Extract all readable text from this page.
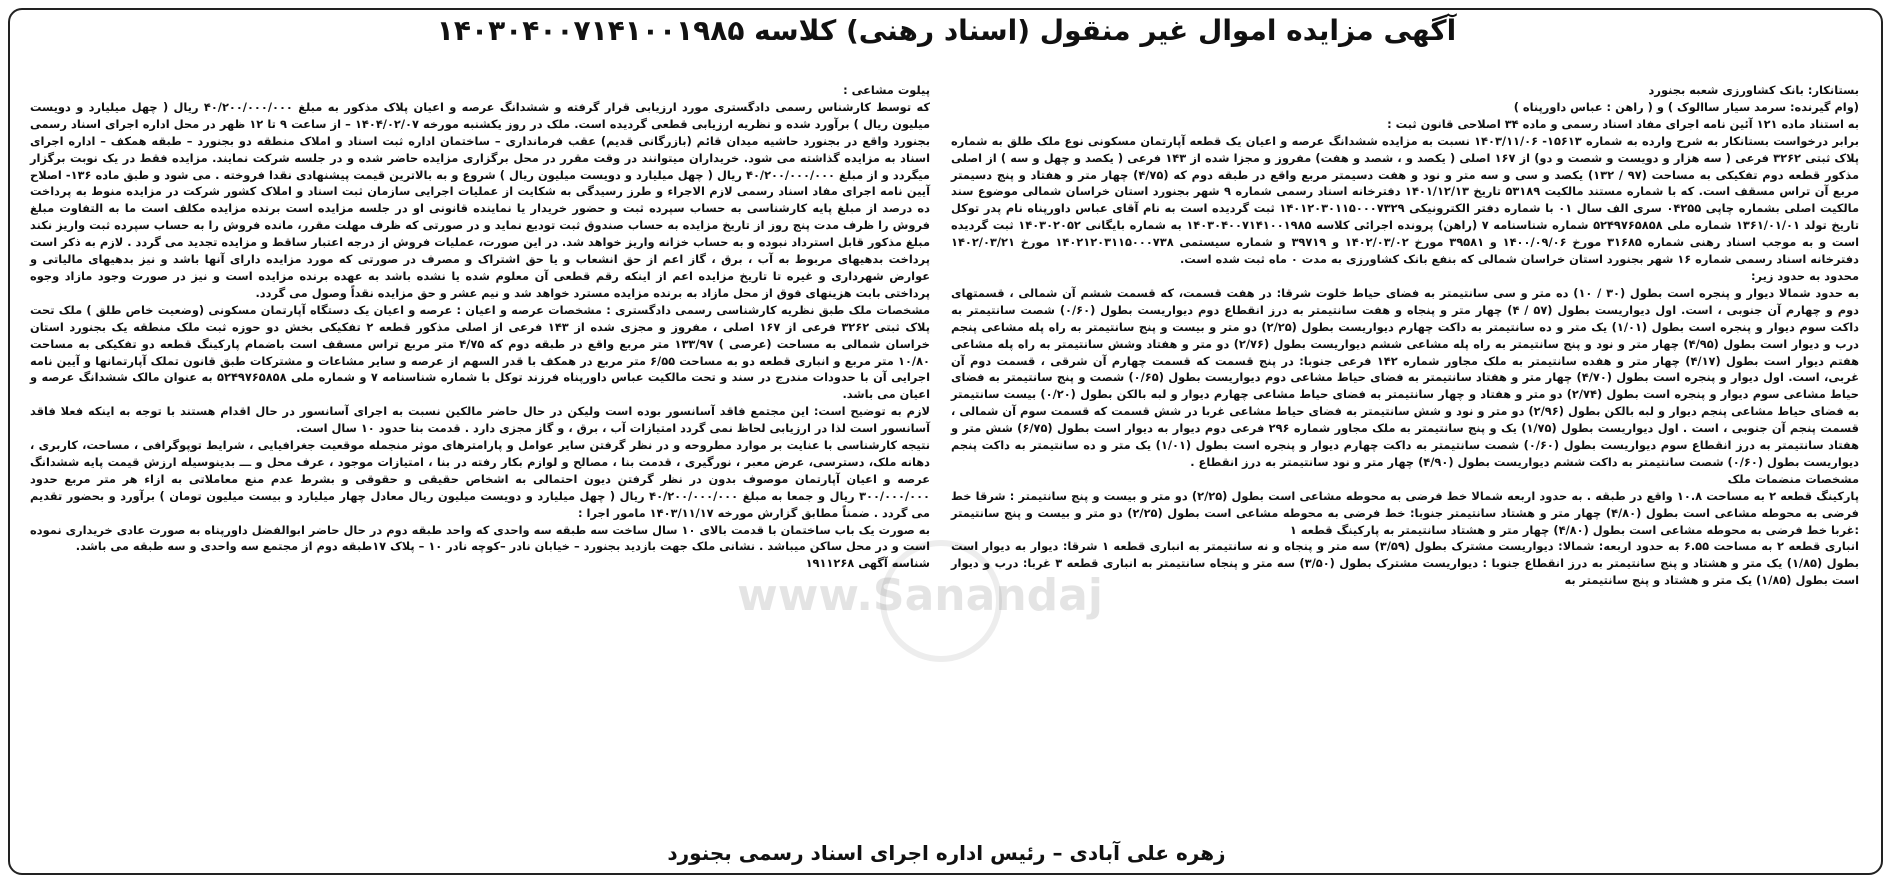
www.Sanandaj
آگهی مزایده اموال غیر منقول (اسناد رهنی) کلاسه ۱۴۰۳۰۴۰۰۷۱۴۱۰۰۱۹۸۵

بستانکار: بانک کشاورزی شعبه بجنورد

(وام گیرنده: سرمد سیار ساالوک ) و ( راهن : عباس داورپناه )

به استناد ماده ۱۲۱ آئین نامه اجرای مفاد اسناد رسمی و ماده ۳۴ اصلاحی قانون ثبت :

برابر درخواست بستانکار به شرح وارده به شماره ۱۵۶۱۳- ۱۴۰۳/۱۱/۰۶ نسبت به مزایده ششدانگ عرصه و اعیان یک قطعه آپارتمان مسکونی نوع ملک طلق به شماره پلاک ثبتی ۳۲۶۲ فرعی ( سه هزار و دویست و شصت و دو) از ۱۶۷ اصلی ( یکصد و ، شصد و هفت) مفروز و مجزا شده از ۱۴۳ فرعی ( یکصد و چهل و سه ) از اصلی مذکور قطعه دوم تفکیکی به مساحت (۹۷ / ۱۳۲) یکصد و سی و سه متر و نود و هفت دسیمتر مربع واقع در طبقه دوم که (۴/۷۵) چهار متر و هفتاد و پنج دسیمتر مربع آن تراس مسقف است. که با شماره مستند مالکیت ۵۳۱۸۹ تاریخ ۱۴۰۱/۱۲/۱۳ دفترخانه اسناد رسمی شماره ۹ شهر بجنورد استان خراسان شمالی موضوع سند مالکیت اصلی بشماره چاپی ۰۴۲۵۵ سری الف سال ۰۱ با شماره دفتر الکترونیکی ۱۴۰۱۲۰۳۰۱۱۵۰۰۰۷۳۲۹ ثبت گردیده است به نام آقای عباس داورپناه نام پدر توکل تاریخ تولد ۱۳۶۱/۰۱/۰۱ شماره ملی ۵۲۴۹۷۶۵۸۵۸ شماره شناسنامه ۷ (راهن) پرونده اجرائی کلاسه ۱۴۰۳۰۴۰۰۷۱۴۱۰۰۱۹۸۵ به شماره بایگانی ۱۴۰۳۰۲۰۵۲ ثبت گردیده است و به موجب اسناد رهنی شماره ۳۱۶۸۵ مورخ ۱۴۰۰/۰۹/۰۶ و ۳۹۵۸۱ مورخ ۱۴۰۲/۰۳/۰۲ و ۳۹۷۱۹ و شماره سیستمی ۱۴۰۲۱۲۰۳۱۱۵۰۰۰۷۳۸ مورخ ۱۴۰۲/۰۳/۲۱ دفترخانه اسناد رسمی شماره ۱۶ شهر بجنورد استان خراسان شمالی که بنفع بانک کشاورزی به مدت ۰ ماه ثبت شده است.

محدود به حدود زیر:

به حدود شمالا دیوار و پنجره است بطول (۳۰ / ۱۰) ده متر و سی سانتیمتر به فضای حیاط خلوت شرقا: در هفت قسمت، که قسمت ششم آن شمالی ، قسمتهای دوم و چهارم آن جنوبی ، است. اول دیواریست بطول (۵۷ / ۴) چهار متر و پنجاه و هفت سانتیمتر به درز انقطاع دوم دیواریست بطول (۰/۶۰) شصت سانتیمتر به داکت سوم دیوار و پنجره است بطول (۱/۰۱) یک متر و ده سانتیمتر به داکت چهارم دیواریست بطول (۲/۲۵) دو متر و بیست و پنج سانتیمتر به راه پله مشاعی پنجم درب و دیوار است بطول (۴/۹۵) چهار متر و نود و پنج سانتیمتر به راه پله مشاعی ششم دیواریست بطول (۲/۷۶) دو متر و هفتاد وشش سانتیمتر به راه پله مشاعی هفتم دیوار است بطول (۴/۱۷) چهار متر و هفده سانتیمتر به ملک مجاور شماره ۱۴۲ فرعی جنوبا: در پنج قسمت که قسمت چهارم آن شرقی ، قسمت دوم آن غربی، است. اول دیوار و پنجره است بطول (۴/۷۰) چهار متر و هفتاد سانتیمتر به فضای حیاط مشاعی دوم دیواریست بطول (۰/۶۵) شصت و پنج سانتیمتر به فضای حیاط مشاعی سوم دیوار و پنجره است بطول (۲/۷۴) دو متر و هفتاد و چهار سانتیمتر به فضای حیاط مشاعی چهارم دیوار و لبه بالکن بطول (۰/۲۰) بیست سانتیمتر به فضای حیاط مشاعی پنجم دیوار و لبه بالکن بطول (۲/۹۶) دو متر و نود و شش سانتیمتر به فضای حیاط مشاعی غربا در شش قسمت که قسمت سوم آن شمالی ، قسمت پنجم آن جنوبی ، است . اول دیواریست بطول (۱/۷۵) یک و پنج سانتیمتر به ملک مجاور شماره ۲۹۶ فرعی دوم دیوار به دیوار است بطول (۶/۷۵) شش متر و هفتاد سانتیمتر به درز انقطاع سوم دیواریست بطول (۰/۶۰) شصت سانتیمتر به داکت چهارم دیوار و پنجره است بطول (۱/۰۱) یک متر و ده سانتیمتر به داکت پنجم دیواریست بطول (۰/۶۰) شصت سانتیمتر به داکت ششم دیواریست بطول (۴/۹۰) چهار متر و نود سانتیمتر به درز انقطاع .

مشخصات منضمات ملک

پارکینگ قطعه ۲ به مساحت ۱۰.۸ واقع در طبقه . به حدود اربعه شمالا خط فرضی به محوطه مشاعی است بطول (۲/۲۵) دو متر و بیست و پنج سانتیمتر : شرقا خط فرضی به محوطه مشاعی است بطول (۴/۸۰) چهار متر و هشتاد سانتیمتر جنوبا: خط فرضی به محوطه مشاعی است بطول (۲/۲۵) دو متر و بیست و پنج سانتیمتر :غربا خط فرضی به محوطه مشاعی است بطول (۴/۸۰) چهار متر و هشتاد سانتیمتر به پارکینگ قطعه ۱

انباری قطعه ۲ به مساحت ۶.۵۵ به حدود اربعه: شمالا: دیواریست مشترک بطول (۳/۵۹) سه متر و پنجاه و نه سانتیمتر به انباری قطعه ۱ شرقا: دیوار به دیوار است بطول (۱/۸۵) یک متر و هشتاد و پنج سانتیمتر به درز انقطاع جنوبا : دیواریست مشترک بطول (۳/۵۰) سه متر و پنجاه سانتیمتر به انباری قطعه ۳ غربا: درب و دیوار است بطول (۱/۸۵) یک متر و هشتاد و پنج سانتیمتر به

پیلوت مشاعی :

که توسط کارشناس رسمی دادگستری مورد ارزیابی قرار گرفته و ششدانگ عرصه و اعیان پلاک مذکور به مبلغ ۴۰/۲۰۰/۰۰۰/۰۰۰ ریال ( چهل میلیارد و دویست میلیون ریال ) برآورد شده و نظریه ارزیابی قطعی گردیده است. ملک در روز یکشنبه مورخه ۱۴۰۴/۰۲/۰۷ – از ساعت ۹ تا ۱۲ ظهر در محل اداره اجرای اسناد رسمی بجنورد واقع در بجنورد حاشیه میدان قائم (بازرگانی قدیم) عقب فرمانداری – ساختمان اداره ثبت اسناد و املاک منطقه دو بجنورد – طبقه همکف – اداره اجرای اسناد به مزایده گذاشته می شود. خریداران میتوانند در وقت مقرر در محل برگزاری مزایده حاضر شده و در جلسه شرکت نمایند. مزایده فقط در یک نوبت برگزار میگردد و از مبلغ ۴۰/۲۰۰/۰۰۰/۰۰۰ ریال ( چهل میلیارد و دویست میلیون ریال ) شروع و به بالاترین قیمت پیشنهادی نقدا فروخته . می شود و طبق ماده ۱۳۶- اصلاح آیین نامه اجرای مفاد اسناد رسمی لازم الاجراء و طرز رسیدگی به شکایت از عملیات اجرایی سازمان ثبت اسناد و املاک کشور شرکت در مزایده منوط به پرداخت ده درصد از مبلغ پایه کارشناسی به حساب سپرده ثبت و حضور خریدار یا نماینده قانونی او در جلسه مزایده است برنده مزایده مکلف است ما به التفاوت مبلغ فروش را ظرف مدت پنج روز از تاریخ مزایده به حساب صندوق ثبت تودیع نماید و در صورتی که ظرف مهلت مقرر، مانده فروش را به حساب سپرده ثبت واریز نکند مبلغ مذکور قابل استرداد نبوده و به حساب خزانه واریز خواهد شد. در این صورت، عملیات فروش از درجه اعتبار ساقط و مزایده تجدید می گردد . لازم به ذکر است پرداخت بدهیهای مربوط به آب ، برق ، گاز اعم از حق انشعاب و یا حق اشتراک و مصرف در صورتی که مورد مزایده دارای آنها باشد و نیز بدهیهای مالیاتی و عوارض شهرداری و غیره تا تاریخ مزایده اعم از اینکه رقم قطعی آن معلوم شده یا نشده باشد به عهده برنده مزایده است و نیز در صورت وجود مازاد وجوه پرداختی بابت هزینهای فوق از محل مازاد به برنده مزایده مسترد خواهد شد و نیم عشر و حق مزایده نقداً وصول می گردد.

مشخصات ملک طبق نظریه کارشناسی رسمی دادگستری : مشخصات عرصه و اعیان : عرصه و اعیان یک دستگاه آپارتمان مسکونی (وضعیت خاص طلق ) ملک تحت پلاک ثبتی ۳۲۶۲ فرعی از ۱۶۷ اصلی ، مفروز و مجزی شده از ۱۴۳ فرعی از اصلی مذکور قطعه ۲ تفکیکی بخش دو حوزه ثبت ملک منطقه یک بجنورد استان خراسان شمالی به مساحت (عرصی ) ۱۳۳/۹۷ متر مربع واقع در طبقه دوم که ۴/۷۵ متر مربع تراس مسقف است باضمام پارکینگ قطعه دو تفکیکی به مساحت ۱۰/۸۰ متر مربع و انباری قطعه دو به مساحت ۶/۵۵ متر مربع در همکف با قدر السهم از عرصه و سایر مشاعات و مشترکات طبق قانون تملک آپارتمانها و آیین نامه اجرایی آن با حدودات مندرج در سند و تحت مالکیت عباس داورپناه فرزند توکل با شماره شناسنامه ۷ و شماره ملی ۵۲۴۹۷۶۵۸۵۸ به عنوان مالک ششدانگ عرصه و اعیان می باشد.

لازم به توضیح است: این مجتمع فاقد آسانسور بوده است ولیکن در حال حاضر مالکین نسبت به اجرای آسانسور در حال اقدام هستند با توجه به اینکه فعلا فاقد آسانسور است لذا در ارزیابی لحاظ نمی گردد امتیازات آب ، برق ، و گاز مجزی دارد . قدمت بنا حدود ۱۰ سال است.

نتیجه کارشناسی با عنایت بر موارد مطروحه و در نظر گرفتن سایر عوامل و پارامترهای موثر منجمله موقعیت جغرافیایی ، شرایط توپوگرافی ، مساحت، کاربری ، دهانه ملک، دسترسی، عرض معبر ، نورگیری ، قدمت بنا ، مصالح و لوازم بکار رفته در بنا ، امتیازات موجود ، عرف محل و ـــ بدینوسیله ارزش قیمت پایه ششدانگ عرصه و اعیان آپارتمان موصوف بدون در نظر گرفتن دیون احتمالی به اشخاص حقیقی و حقوقی و بشرط عدم منع معاملاتی به ازاء هر متر مربع حدود ۳۰۰/۰۰۰/۰۰۰ ریال و جمعا به مبلغ ۴۰/۲۰۰/۰۰۰/۰۰۰ ریال ( چهل میلیارد و دویست میلیون ریال معادل چهار میلیارد و بیست میلیون تومان ) برآورد و بحضور تقدیم می گردد . ضمناً مطابق گزارش مورخه ۱۴۰۳/۱۱/۱۷ مامور اجرا :

به صورت یک باب ساختمان با قدمت بالای ۱۰ سال ساخت سه طبقه سه واحدی که واحد طبقه دوم در حال حاضر ابوالفضل داورپناه به صورت عادی خریداری نموده است و در محل ساکن میباشد . نشانی ملک جهت بازدید بجنورد – خیابان نادر –کوچه نادر ۱۰ – پلاک ۱۷طبقه دوم از مجتمع سه واحدی و سه طبقه می باشد.

شناسه آگهی ۱۹۱۱۲۶۸

زهره علی آبادی – رئیس اداره اجرای اسناد رسمی بجنورد
